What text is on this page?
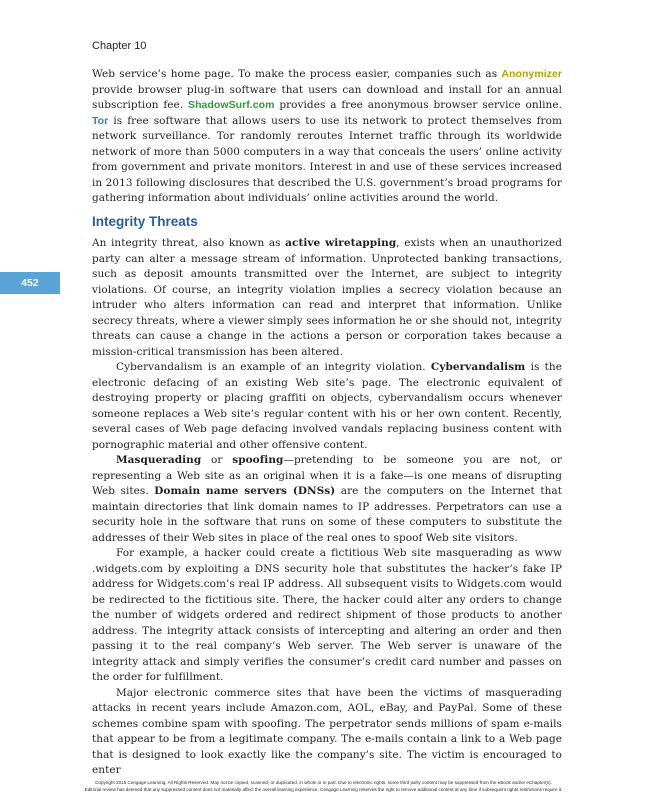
Chapter 10
452

Web service’s home page. To make the process easier, companies such as Anonymizer provide browser plug-in software that users can download and install for an annual subscription fee. ShadowSurf.com provides a free anonymous browser service online. Tor is free software that allows users to use its network to protect themselves from network surveillance. Tor randomly reroutes Internet traffic through its worldwide network of more than 5000 computers in a way that conceals the users’ online activity from government and private monitors. Interest in and use of these services increased in 2013 following disclosures that described the U.S. government’s broad programs for gathering information about individuals’ online activities around the world.

Integrity Threats

An integrity threat, also known as active wiretapping, exists when an unauthorized party can alter a message stream of information. Unprotected banking transactions, such as deposit amounts transmitted over the Internet, are subject to integrity violations. Of course, an integrity violation implies a secrecy violation because an intruder who alters information can read and interpret that information. Unlike secrecy threats, where a viewer simply sees information he or she should not, integrity threats can cause a change in the actions a person or corporation takes because a mission-critical transmission has been altered.

Cybervandalism is an example of an integrity violation. Cybervandalism is the electronic defacing of an existing Web site’s page. The electronic equivalent of destroying property or placing graffiti on objects, cybervandalism occurs whenever someone replaces a Web site’s regular content with his or her own content. Recently, several cases of Web page defacing involved vandals replacing business content with pornographic material and other offensive content.

Masquerading or spoofing—pretending to be someone you are not, or representing a Web site as an original when it is a fake—is one means of disrupting Web sites. Domain name servers (DNSs) are the computers on the Internet that maintain directories that link domain names to IP addresses. Perpetrators can use a security hole in the software that runs on some of these computers to substitute the addresses of their Web sites in place of the real ones to spoof Web site visitors.

For example, a hacker could create a fictitious Web site masquerading as www .widgets.com by exploiting a DNS security hole that substitutes the hacker’s fake IP address for Widgets.com’s real IP address. All subsequent visits to Widgets.com would be redirected to the fictitious site. There, the hacker could alter any orders to change the number of widgets ordered and redirect shipment of those products to another address. The integrity attack consists of intercepting and altering an order and then passing it to the real company’s Web server. The Web server is unaware of the integrity attack and simply verifies the consumer’s credit card number and passes on the order for fulfillment.

Major electronic commerce sites that have been the victims of masquerading attacks in recent years include Amazon.com, AOL, eBay, and PayPal. Some of these schemes combine spam with spoofing. The perpetrator sends millions of spam e-mails that appear to be from a legitimate company. The e-mails contain a link to a Web page that is designed to look exactly like the company’s site. The victim is encouraged to enter

Copyright 2015 Cengage Learning. All Rights Reserved. May not be copied, scanned, or duplicated, in whole or in part. Due to electronic rights, some third party content may be suppressed from the eBook and/or eChapter(s).
Editorial review has deemed that any suppressed content does not materially affect the overall learning experience. Cengage Learning reserves the right to remove additional content at any time if subsequent rights restrictions require it.
